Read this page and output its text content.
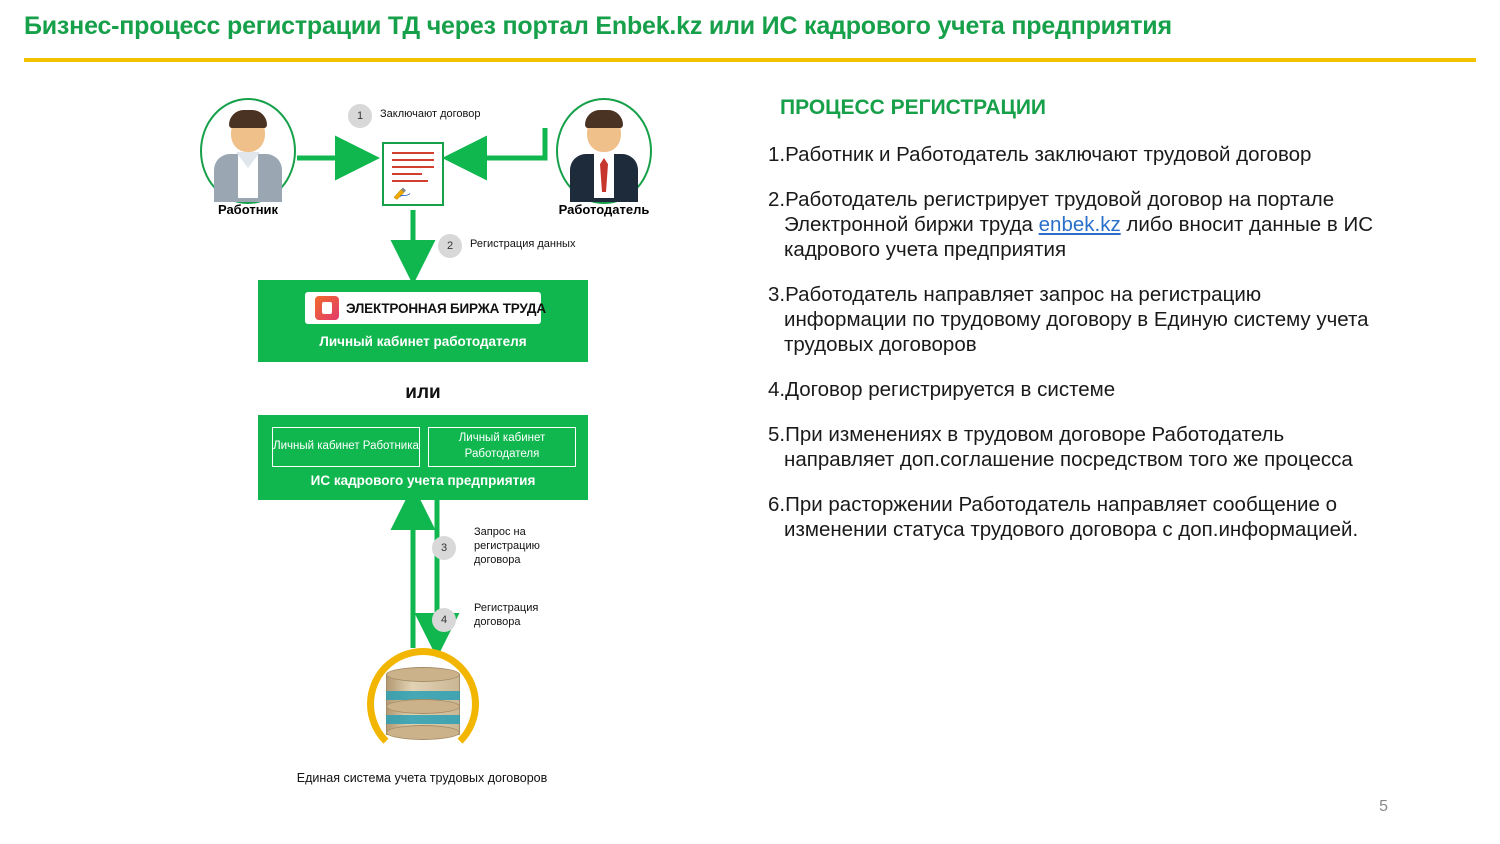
Бизнес-процесс регистрации ТД через портал Enbek.kz или ИС кадрового учета предприятия
Работник	Работодатель
1	Заключают договор
2	Регистрация данных
3
Запрос на регистрацию договора
4
Регистрация договора
ЭЛЕКТРОННАЯ БИРЖА ТРУДА
Личный кабинет работодателя
или
Личный кабинет Работника
Личный кабинет Работодателя
ИС кадрового учета предприятия
Единая система учета трудовых договоров
ПРОЦЕСС РЕГИСТРАЦИИ
1.Работник и Работодатель заключают трудовой договор
2.Работодатель регистрирует трудовой договор на портале Электронной биржи труда enbek.kz либо вносит данные в ИС кадрового учета предприятия
3.Работодатель направляет запрос на регистрацию информации по трудовому договору в Единую систему учета трудовых договоров
4.Договор регистрируется в системе
5.При изменениях в трудовом договоре Работодатель направляет доп.соглашение посредством того же процесса
6.При расторжении Работодатель направляет сообщение о изменении статуса трудового договора с доп.информацией.
5
